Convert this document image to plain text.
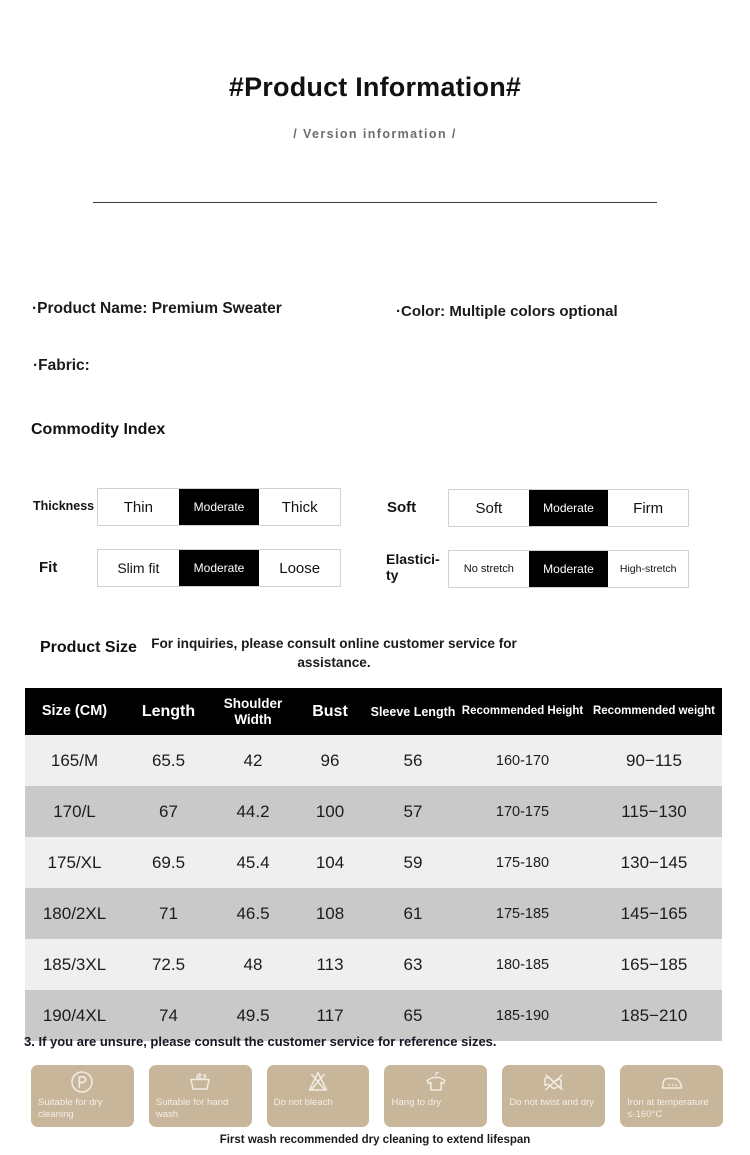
#Product Information#
/ Version information /
·Product Name: Premium Sweater	·Color: Multiple colors optional
·Fabric:
Commodity Index
Thickness	Thin	Moderate	Thick	Soft	Soft	Moderate	Firm
Fit	Slim fit	Moderate	Loose
Elastici-ty	No stretch	Moderate	High-stretch
Product Size	For inquiries, please consult online customer service for assistance.
Size (CM)	Length	Shoulder Width	Bust	Sleeve Length	Recommended Height	Recommended weight
165/M	65.5	42	96	56	160-170	90−115
170/L	67	44.2	100	57	170-175	115−130
175/XL	69.5	45.4	104	59	175-180	130−145
180/2XL	71	46.5	108	61	175-185	145−165
185/3XL	72.5	48	113	63	180-185	165−185
190/4XL	74	49.5	117	65	185-190	185−210
3. If you are unsure, please consult the customer service for reference sizes.
Suitable for dry cleaning
Suitable for hand wash
Do not bleach	Hang to dry	Do not twist and dry	Iron at temperature ≤-160°C
First wash recommended dry cleaning to extend lifespan
